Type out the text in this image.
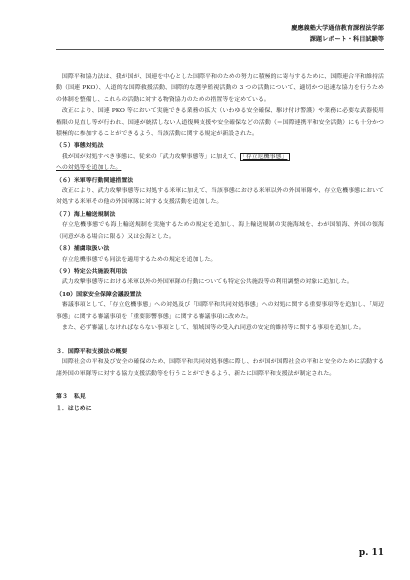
慶應義塾大学通信教育課程法学部
課題レポート・科目試験等

国際平和協力法は、我が国が、国連を中心とした国際平和のための努力に積極的に寄与するために、国際連合平和維持活動（国連 PKO）、人道的な国際救援活動、国際的な選挙監視活動の 3 つの活動について、適切かつ迅速な協力を行うための体制を整備し、これらの活動に対する物資協力のための措置等を定めている。

改正により、国連 PKO 等において実施できる業務の拡大（いわゆる安全確保、駆け付け警護）や業務に必要な武器使用権限の見直し等が行われ、国連が統括しない人道復興支援や安全確保などの活動（＝国際連携平和安全活動）にも十分かつ積極的に参加することができるよう、当該活動に関する規定が新設された。

（５）事態対処法

我が国が対処すべき事態に、従来の「武力攻撃事態等」に加えて、 「存立危機事態」
への対処等を追加した。

（６）米軍等行動関連措置法

改正により、武力攻撃事態等に対処する米軍に加えて、当該事態における米軍以外の外国軍隊や、存立危機事態において対処する米軍その他の外国軍隊に対する支援活動を追加した。

（７）海上輸送規制法

存立危機事態でも海上輸送規制を実施するための規定を追加し、海上輸送規制の実施海域を、わが国領海、外国の領海（同意がある場合に限る）又は公海とした。

（８）捕虜取扱い法

存立危機事態でも同法を適用するための規定を追加した。

（９）特定公共施設利用法

武力攻撃事態等における米軍以外の外国軍隊の行動についても特定公共施設等の利用調整の対象に追加した。

（10）国家安全保障会議設置法

審議事項として、「存立危機事態」への対処及び「国際平和共同対処事態」への対処に関する重要事項等を追加し、「周辺事態」に関する審議事項を「重要影響事態」に関する審議事項に改めた。

また、必ず審議しなければならない事項として、領域国等の受入れ同意の安定的維持等に関する事項を追加した。

３．国際平和支援法の概要

国際社会の平和及び安全の確保のため、国際平和共同対処事態に際し、わが国が国際社会の平和と安全のために活動する諸外国の軍隊等に対する協力支援活動等を行うことができるよう、新たに国際平和支援法が制定された。

第３　私見
１．はじめに
p. 11
